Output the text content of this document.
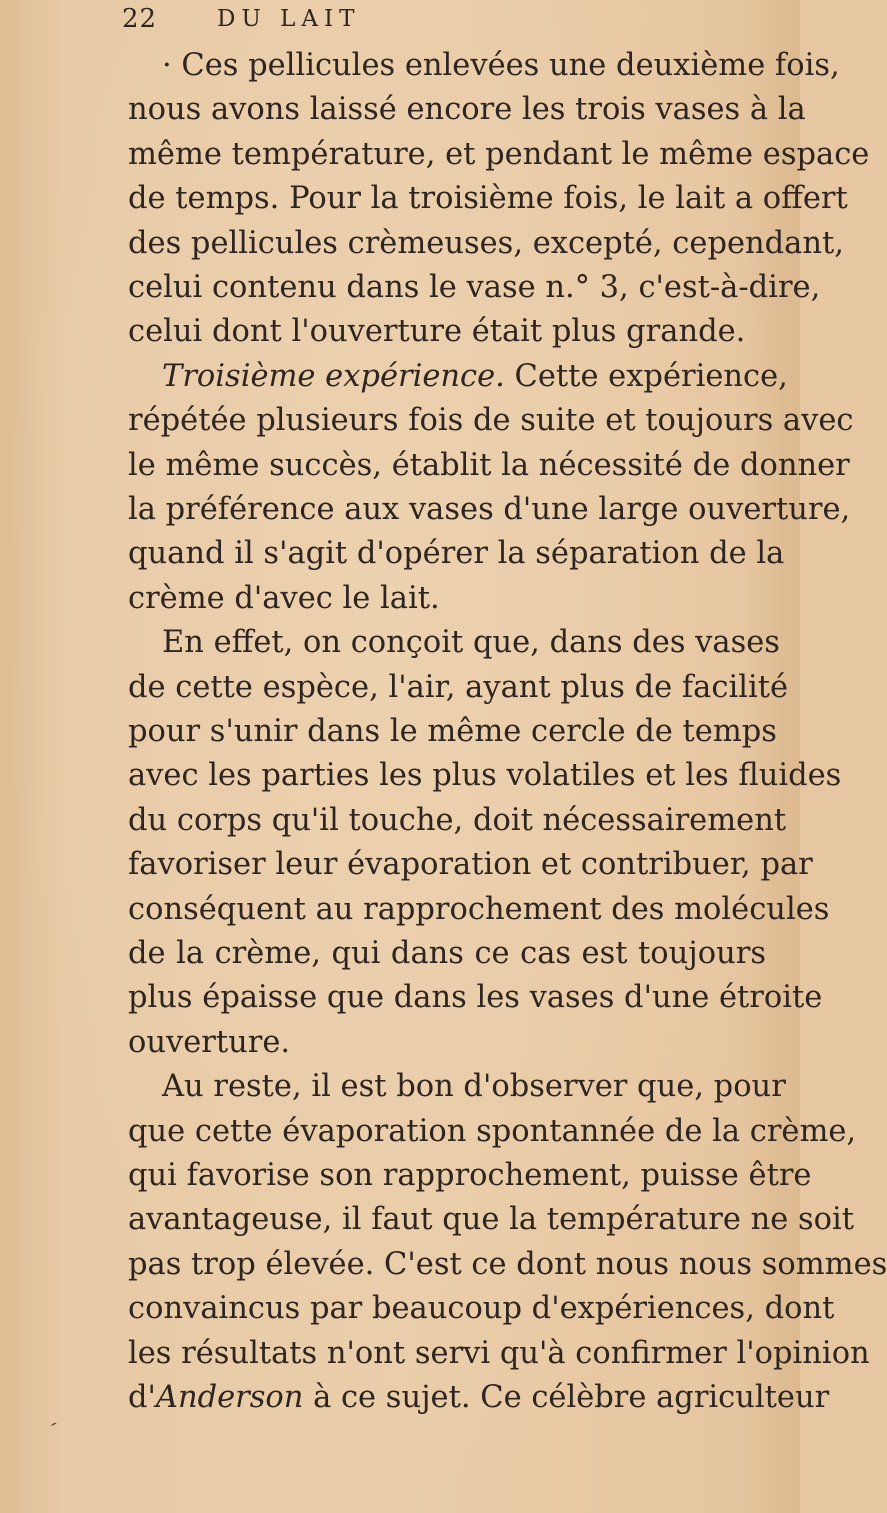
22	DU LAIT
· Ces pellicules enlevées une deuxième fois,
nous avons laissé encore les trois vases à la
même température, et pendant le même espace
de temps. Pour la troisième fois, le lait a offert
des pellicules crèmeuses, excepté, cependant,
celui contenu dans le vase n.° 3, c'est-à-dire,
celui dont l'ouverture était plus grande.
Troisième expérience. Cette expérience,
répétée plusieurs fois de suite et toujours avec
le même succès, établit la nécessité de donner
la préférence aux vases d'une large ouverture,
quand il s'agit d'opérer la séparation de la
crème d'avec le lait.
En effet, on conçoit que, dans des vases
de cette espèce, l'air, ayant plus de facilité
pour s'unir dans le même cercle de temps
avec les parties les plus volatiles et les fluides
du corps qu'il touche, doit nécessairement
favoriser leur évaporation et contribuer, par
conséquent au rapprochement des molécules
de la crème, qui dans ce cas est toujours
plus épaisse que dans les vases d'une étroite
ouverture.
Au reste, il est bon d'observer que, pour
que cette évaporation spontannée de la crème,
qui favorise son rapprochement, puisse être
avantageuse, il faut que la température ne soit
pas trop élevée. C'est ce dont nous nous sommes
convaincus par beaucoup d'expériences, dont
les résultats n'ont servi qu'à confirmer l'opinion
d'Anderson à ce sujet. Ce célèbre agriculteur
ˊ
